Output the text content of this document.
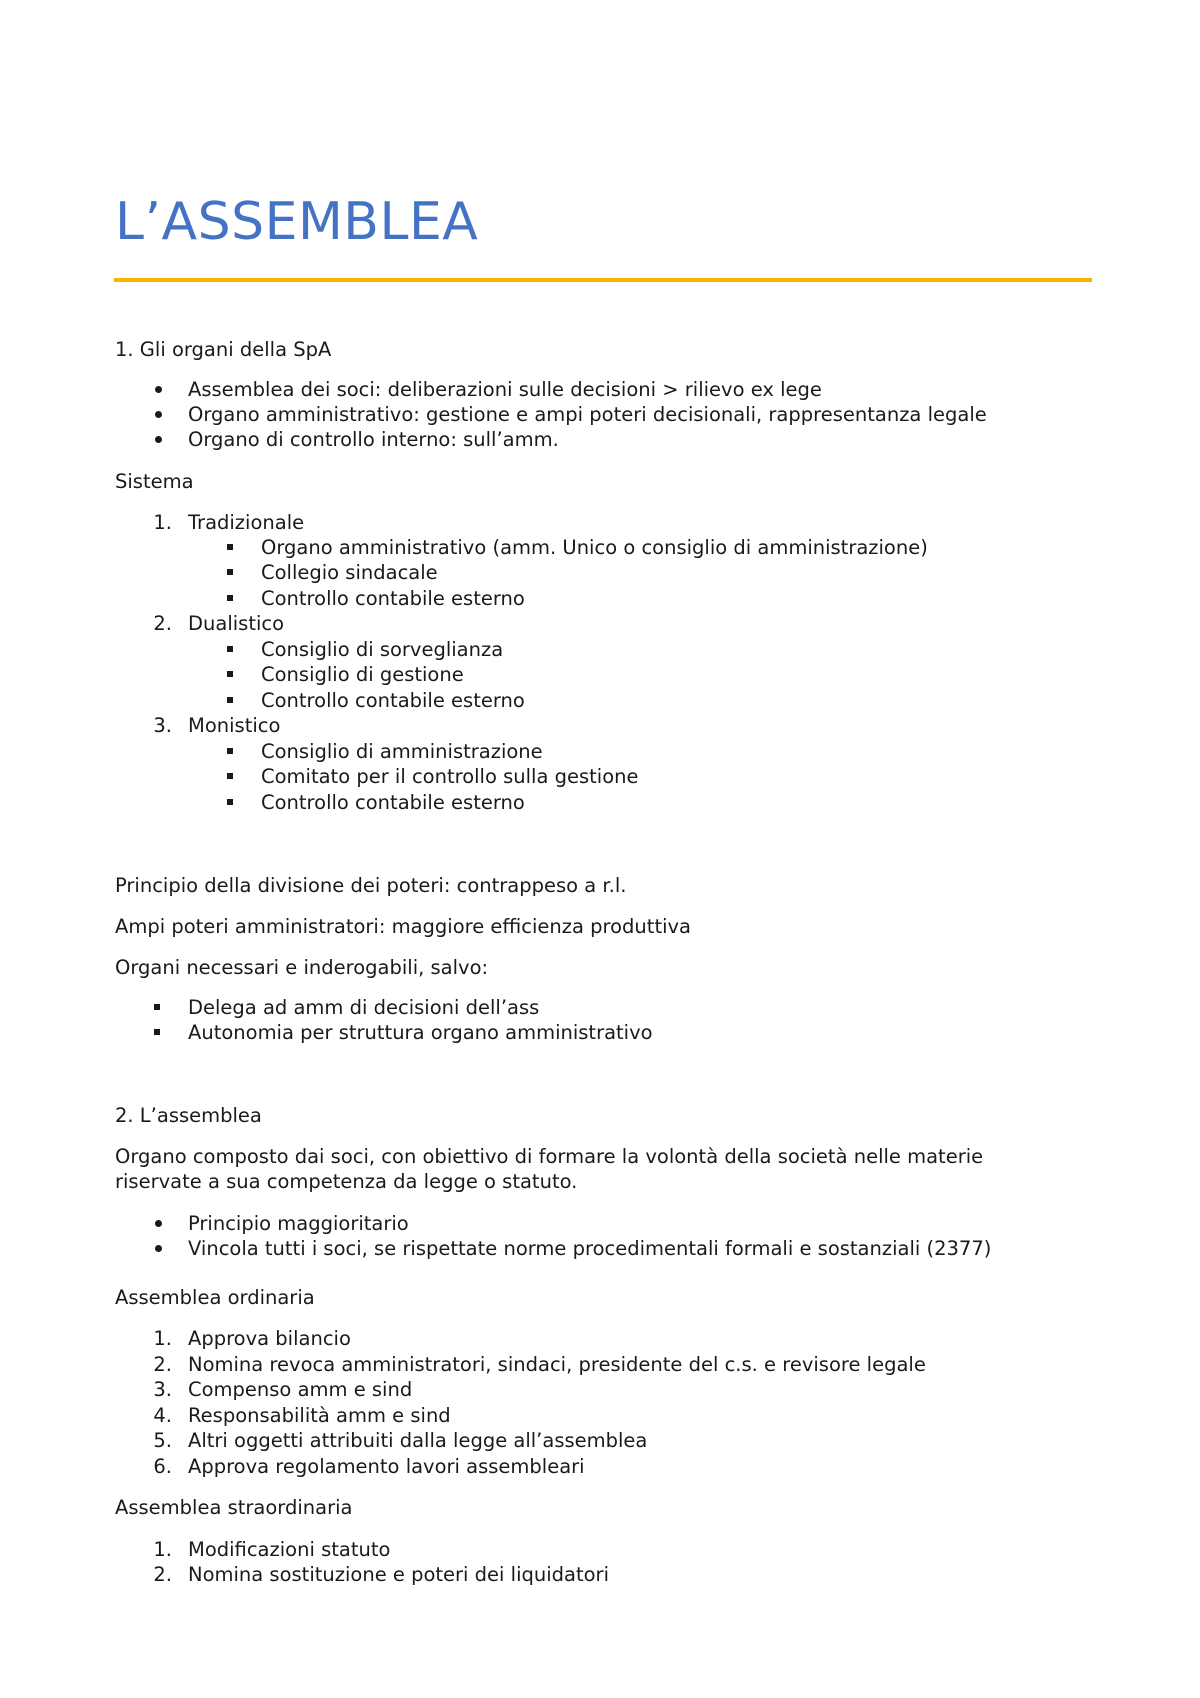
L’ASSEMBLEA

1. Gli organi della SpA

Assemblea dei soci: deliberazioni sulle decisioni > rilievo ex lege

Organo amministrativo: gestione e ampi poteri decisionali, rappresentanza legale

Organo di controllo interno: sull’amm.

Sistema

1. Tradizionale

Organo amministrativo (amm. Unico o consiglio di amministrazione)

Collegio sindacale

Controllo contabile esterno

2. Dualistico

Consiglio di sorveglianza

Consiglio di gestione

Controllo contabile esterno

3. Monistico

Consiglio di amministrazione

Comitato per il controllo sulla gestione

Controllo contabile esterno

Principio della divisione dei poteri: contrappeso a r.l.

Ampi poteri amministratori: maggiore efficienza produttiva

Organi necessari e inderogabili, salvo:

Delega ad amm di decisioni dell’ass

Autonomia per struttura organo amministrativo

2. L’assemblea

Organo composto dai soci, con obiettivo di formare la volontà della società nelle materie

riservate a sua competenza da legge o statuto.

Principio maggioritario

Vincola tutti i soci, se rispettate norme procedimentali formali e sostanziali (2377)

Assemblea ordinaria

1. Approva bilancio

2. Nomina revoca amministratori, sindaci, presidente del c.s. e revisore legale

3. Compenso amm e sind

4. Responsabilità amm e sind

5. Altri oggetti attribuiti dalla legge all’assemblea

6. Approva regolamento lavori assembleari

Assemblea straordinaria

1. Modificazioni statuto

2. Nomina sostituzione e poteri dei liquidatori
